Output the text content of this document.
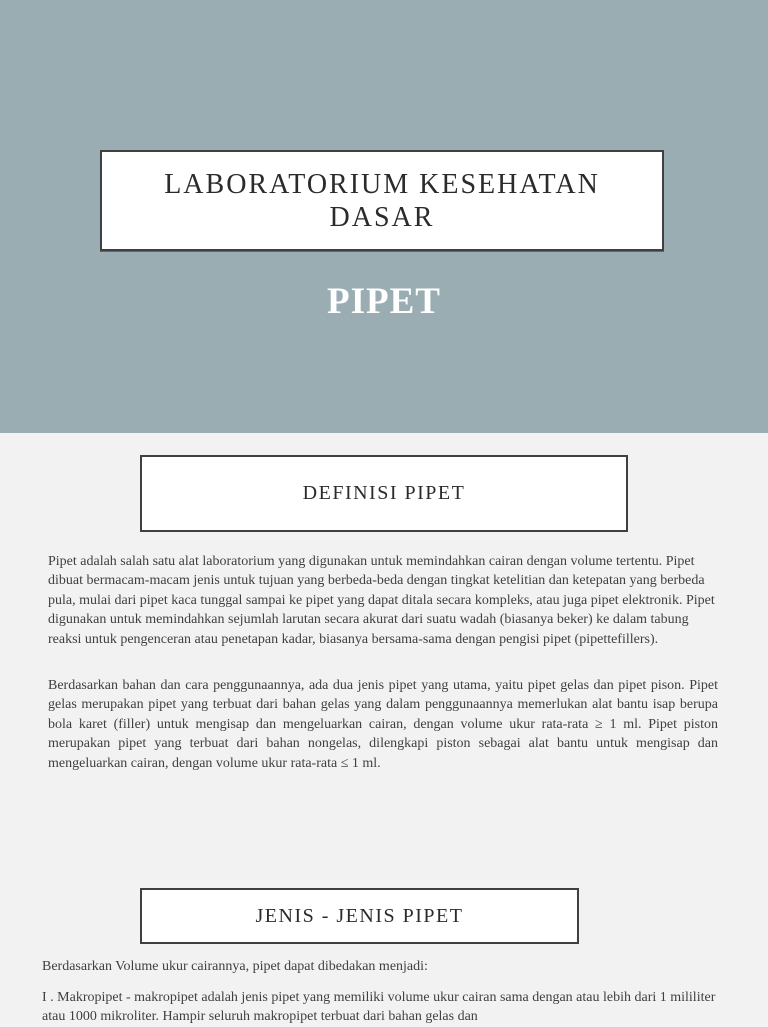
LABORATORIUM KESEHATAN DASAR
PIPET
DEFINISI PIPET

Pipet adalah salah satu alat laboratorium yang digunakan untuk memindahkan cairan dengan volume tertentu. Pipet dibuat bermacam-macam jenis untuk tujuan yang berbeda-beda dengan tingkat ketelitian dan ketepatan yang berbeda pula, mulai dari pipet kaca tunggal sampai ke pipet yang dapat ditala secara kompleks, atau juga pipet elektronik. Pipet digunakan untuk memindahkan sejumlah larutan secara akurat dari suatu wadah (biasanya beker) ke dalam tabung reaksi untuk pengenceran atau penetapan kadar, biasanya bersama-sama dengan pengisi pipet (pipettefillers).

Berdasarkan bahan dan cara penggunaannya, ada dua jenis pipet yang utama, yaitu pipet gelas dan pipet pison. Pipet gelas merupakan pipet yang terbuat dari bahan gelas yang dalam penggunaannya memerlukan alat bantu isap berupa bola karet (filler) untuk mengisap dan mengeluarkan cairan, dengan volume ukur rata-rata ≥ 1 ml. Pipet piston merupakan pipet yang terbuat dari bahan nongelas, dilengkapi piston sebagai alat bantu untuk mengisap dan mengeluarkan cairan, dengan volume ukur rata-rata ≤ 1 ml.

JENIS - JENIS PIPET

Berdasarkan Volume ukur cairannya, pipet dapat dibedakan menjadi:

I . Makropipet - makropipet adalah jenis pipet yang memiliki volume ukur cairan sama dengan atau lebih dari 1 mililiter atau 1000 mikroliter. Hampir seluruh makropipet terbuat dari bahan gelas dan
